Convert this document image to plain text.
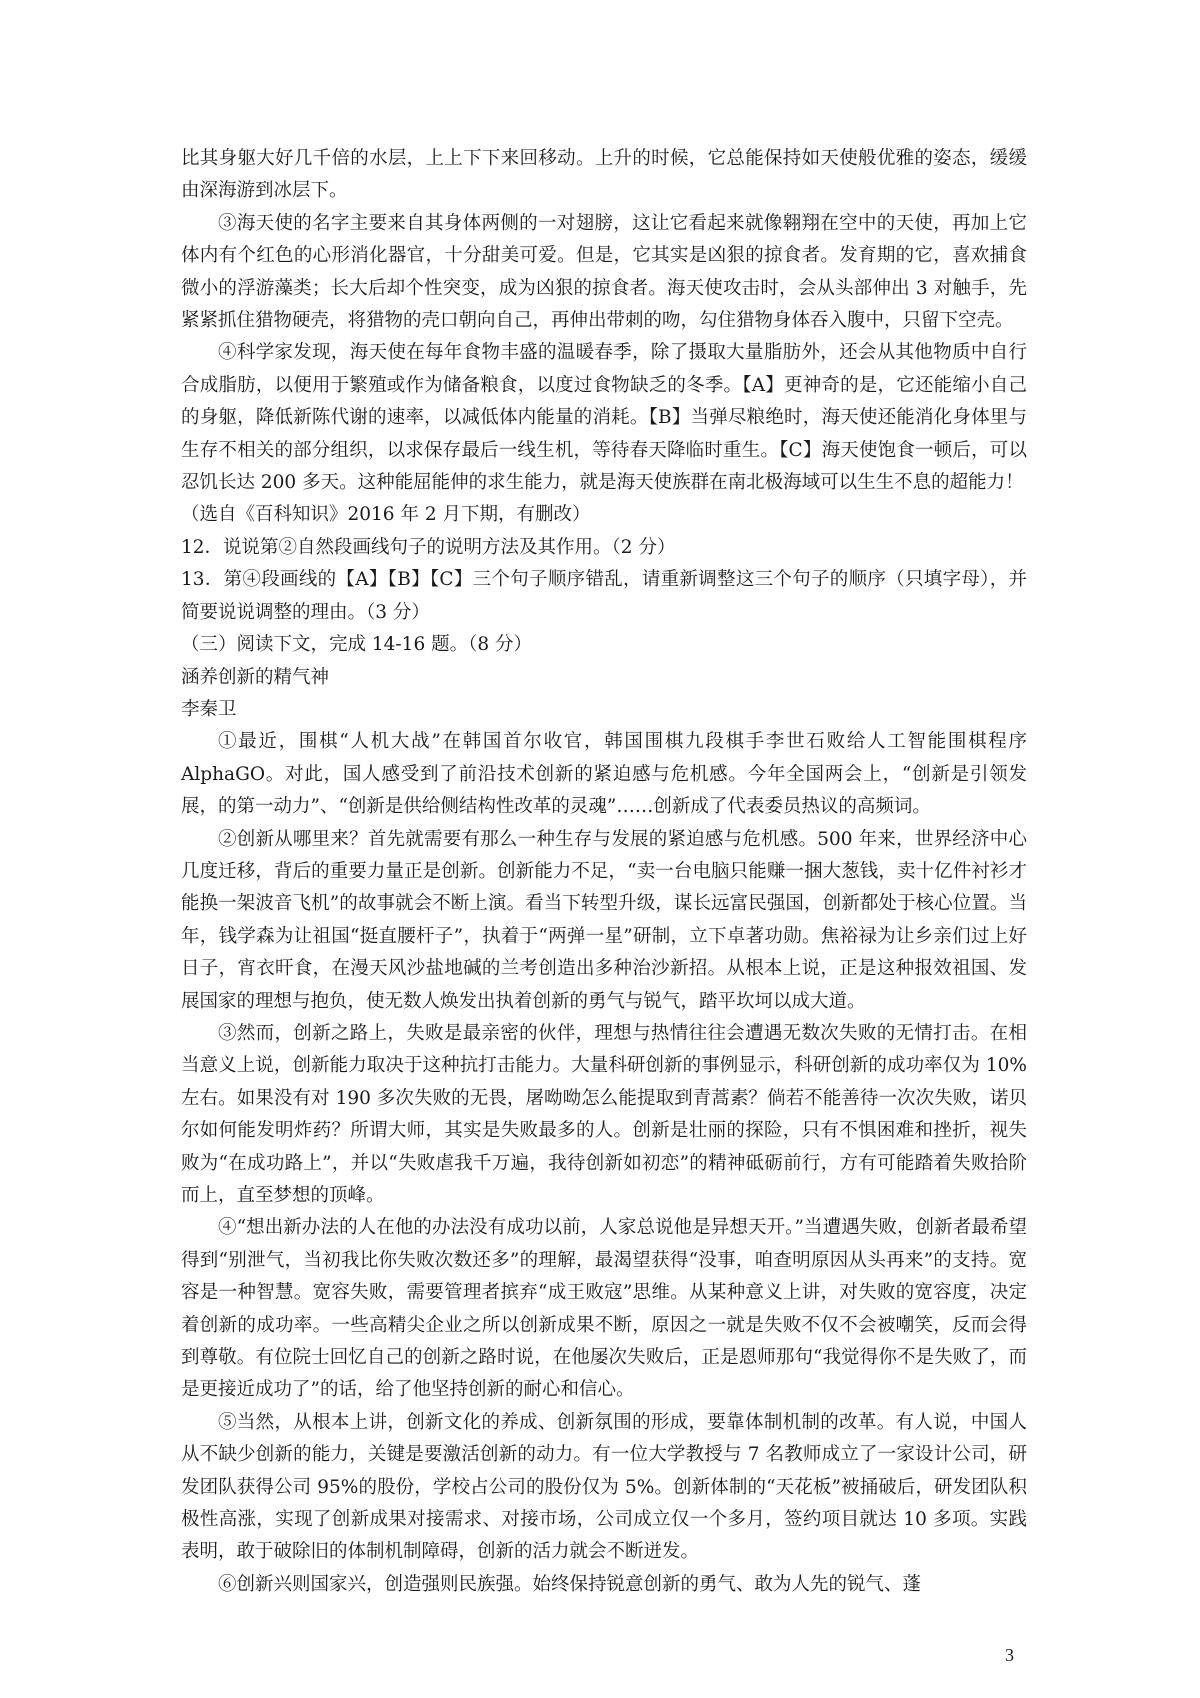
比其身躯大好几千倍的水层，上上下下来回移动。上升的时候，它总能保持如天使般优雅的姿态，缓缓由深海游到冰层下。

③海天使的名字主要来自其身体两侧的一对翅膀，这让它看起来就像翱翔在空中的天使，再加上它体内有个红色的心形消化器官，十分甜美可爱。但是，它其实是凶狠的掠食者。发育期的它，喜欢捕食微小的浮游藻类；长大后却个性突变，成为凶狠的掠食者。海天使攻击时，会从头部伸出 3 对触手，先紧紧抓住猎物硬壳，将猎物的壳口朝向自己，再伸出带刺的吻，勾住猎物身体吞入腹中，只留下空壳。

④科学家发现，海天使在每年食物丰盛的温暖春季，除了摄取大量脂肪外，还会从其他物质中自行合成脂肪，以便用于繁殖或作为储备粮食，以度过食物缺乏的冬季。【A】更神奇的是，它还能缩小自己的身躯，降低新陈代谢的速率，以减低体内能量的消耗。【B】当弹尽粮绝时，海天使还能消化身体里与生存不相关的部分组织，以求保存最后一线生机，等待春天降临时重生。【C】海天使饱食一顿后，可以忍饥长达 200 多天。这种能屈能伸的求生能力，就是海天使族群在南北极海域可以生生不息的超能力！

（选自《百科知识》2016 年 2 月下期，有删改）

12．说说第②自然段画线句子的说明方法及其作用。（2 分）

13．第④段画线的【A】【B】【C】三个句子顺序错乱，请重新调整这三个句子的顺序（只填字母），并简要说说调整的理由。（3 分）

（三）阅读下文，完成 14-16 题。（8 分）

涵养创新的精气神

李秦卫

①最近，围棋“人机大战”在韩国首尔收官，韩国围棋九段棋手李世石败给人工智能围棋程序 AlphaGO。对此，国人感受到了前沿技术创新的紧迫感与危机感。今年全国两会上，“创新是引领发展，的第一动力”、“创新是供给侧结构性改革的灵魂”……创新成了代表委员热议的高频词。

②创新从哪里来？首先就需要有那么一种生存与发展的紧迫感与危机感。500 年来，世界经济中心几度迁移，背后的重要力量正是创新。创新能力不足，“卖一台电脑只能赚一捆大葱钱，卖十亿件衬衫才能换一架波音飞机”的故事就会不断上演。看当下转型升级，谋长远富民强国，创新都处于核心位置。当年，钱学森为让祖国“挺直腰杆子”，执着于“两弹一星”研制，立下卓著功勋。焦裕禄为让乡亲们过上好日子，宵衣旰食，在漫天风沙盐地碱的兰考创造出多种治沙新招。从根本上说，正是这种报效祖国、发展国家的理想与抱负，使无数人焕发出执着创新的勇气与锐气，踏平坎坷以成大道。

③然而，创新之路上，失败是最亲密的伙伴，理想与热情往往会遭遇无数次失败的无情打击。在相当意义上说，创新能力取决于这种抗打击能力。大量科研创新的事例显示，科研创新的成功率仅为 10%左右。如果没有对 190 多次失败的无畏，屠呦呦怎么能提取到青蒿素？倘若不能善待一次次失败，诺贝尔如何能发明炸药？所谓大师，其实是失败最多的人。创新是壮丽的探险，只有不惧困难和挫折，视失败为“在成功路上”，并以“失败虐我千万遍，我待创新如初恋”的精神砥砺前行，方有可能踏着失败拾阶而上，直至梦想的顶峰。

④“想出新办法的人在他的办法没有成功以前，人家总说他是异想天开。”当遭遇失败，创新者最希望得到“别泄气，当初我比你失败次数还多”的理解，最渴望获得“没事，咱查明原因从头再来”的支持。宽容是一种智慧。宽容失败，需要管理者摈弃“成王败寇”思维。从某种意义上讲，对失败的宽容度，决定着创新的成功率。一些高精尖企业之所以创新成果不断，原因之一就是失败不仅不会被嘲笑，反而会得到尊敬。有位院士回忆自己的创新之路时说，在他屡次失败后，正是恩师那句“我觉得你不是失败了，而是更接近成功了”的话，给了他坚持创新的耐心和信心。

⑤当然，从根本上讲，创新文化的养成、创新氛围的形成，要靠体制机制的改革。有人说，中国人从不缺少创新的能力，关键是要激活创新的动力。有一位大学教授与 7 名教师成立了一家设计公司，研发团队获得公司 95%的股份，学校占公司的股份仅为 5%。创新体制的“天花板”被捅破后，研发团队积极性高涨，实现了创新成果对接需求、对接市场，公司成立仅一个多月，签约项目就达 10 多项。实践表明，敢于破除旧的体制机制障碍，创新的活力就会不断迸发。

⑥创新兴则国家兴，创造强则民族强。始终保持锐意创新的勇气、敢为人先的锐气、蓬

3
